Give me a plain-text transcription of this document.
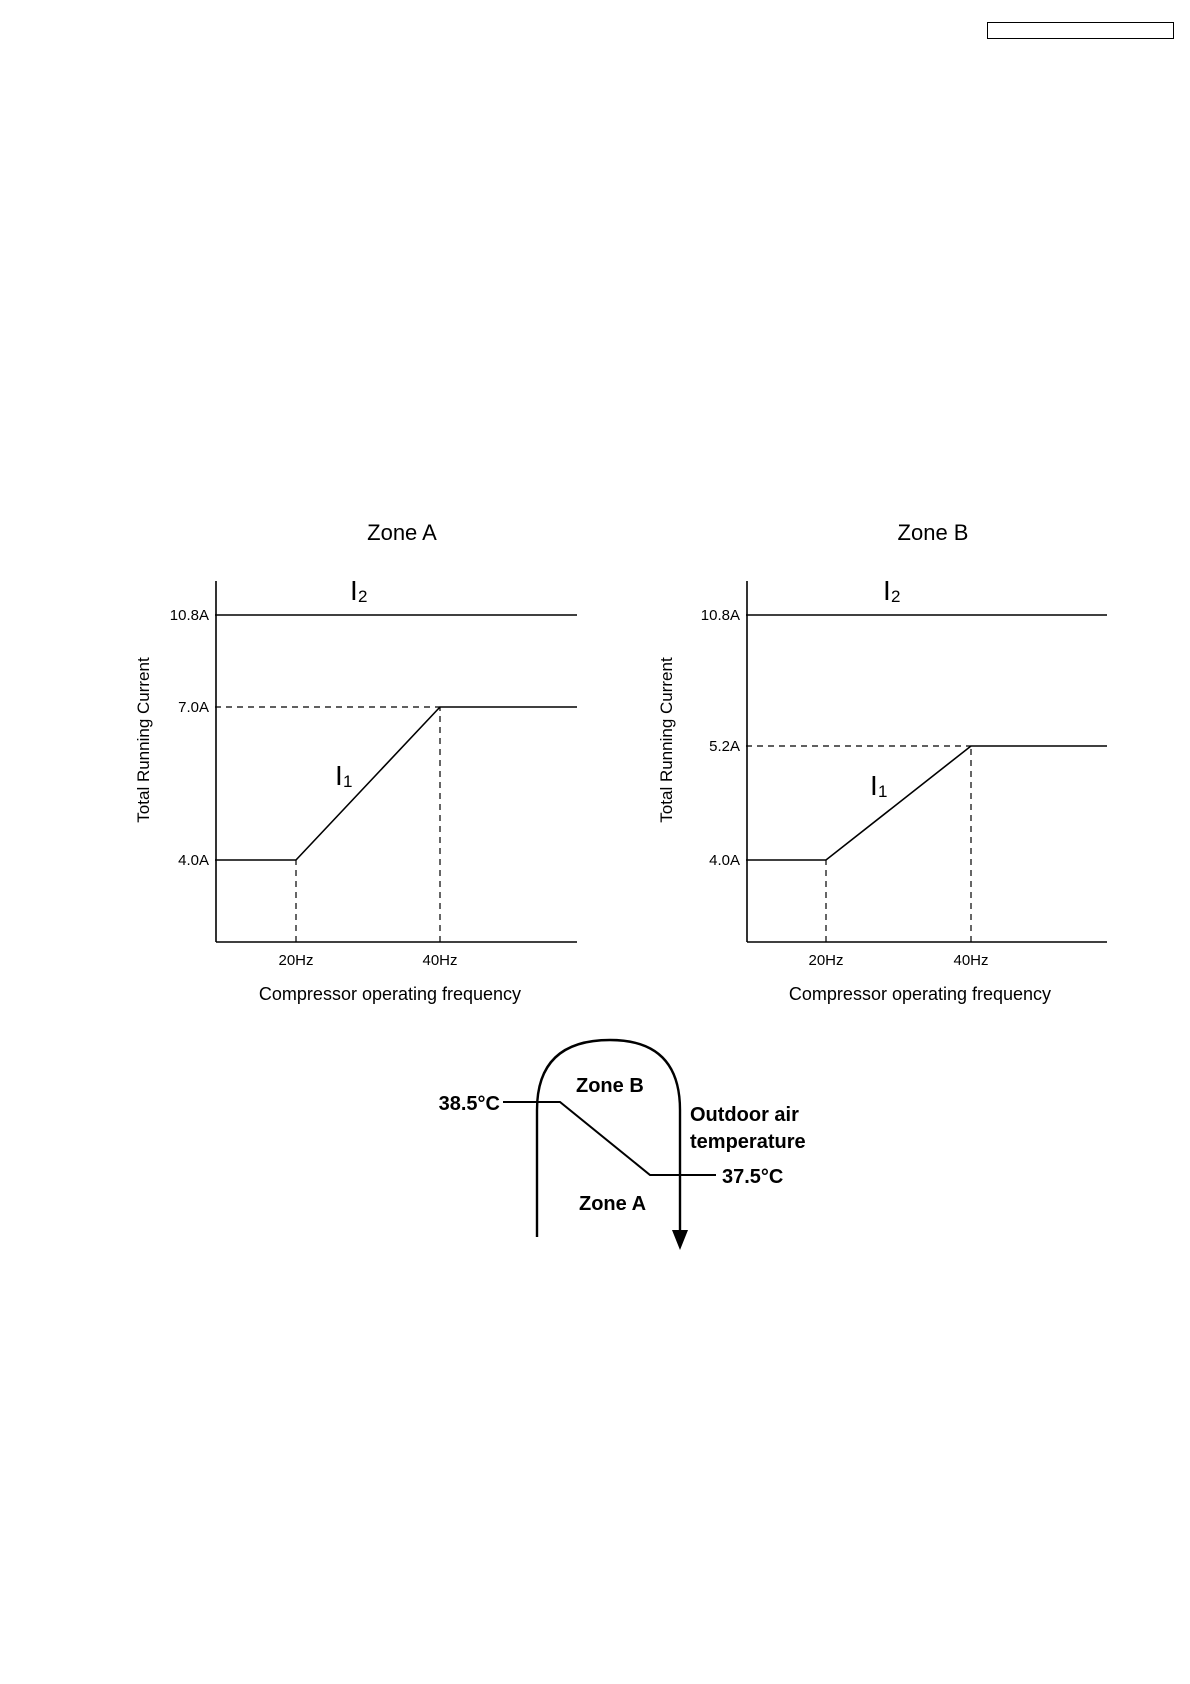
Zone A
Total Running Current
Compressor operating frequency
4.0A
7.0A
10.8A
20Hz	40Hz
I 2
I 1
Zone B
Total Running Current
Compressor operating frequency
4.0A
5.2A
10.8A
20Hz	40Hz
I 2
I 1
Zone B
Zone A
38.5°C
37.5°C
Outdoor air
temperature
